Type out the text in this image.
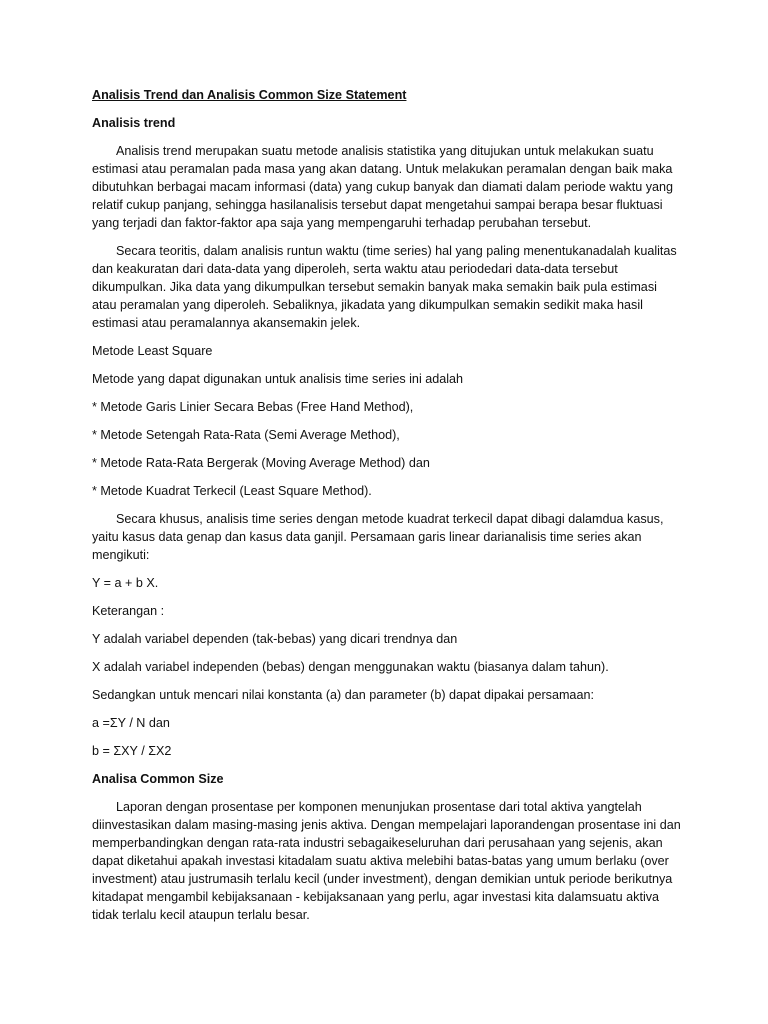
Analisis Trend dan Analisis Common Size Statement
Analisis trend

Analisis trend merupakan suatu metode analisis statistika yang ditujukan untuk melakukan suatu estimasi atau peramalan pada masa yang akan datang. Untuk melakukan peramalan dengan baik maka dibutuhkan berbagai macam informasi (data) yang cukup banyak dan diamati dalam periode waktu yang relatif cukup panjang, sehingga hasilanalisis tersebut dapat mengetahui sampai berapa besar fluktuasi yang terjadi dan faktor-faktor apa saja yang mempengaruhi terhadap perubahan tersebut.

Secara teoritis, dalam analisis runtun waktu (time series) hal yang paling menentukanadalah kualitas dan keakuratan dari data-data yang diperoleh, serta waktu atau periodedari data-data tersebut dikumpulkan. Jika data yang dikumpulkan tersebut semakin banyak maka semakin baik pula estimasi atau peramalan yang diperoleh. Sebaliknya, jikadata yang dikumpulkan semakin sedikit maka hasil estimasi atau peramalannya akansemakin jelek.

Metode Least Square

Metode yang dapat digunakan untuk analisis time series ini adalah

* Metode Garis Linier Secara Bebas (Free Hand Method),

* Metode Setengah Rata-Rata (Semi Average Method),

* Metode Rata-Rata Bergerak (Moving Average Method) dan

* Metode Kuadrat Terkecil (Least Square Method).

Secara khusus, analisis time series dengan metode kuadrat terkecil dapat dibagi dalamdua kasus, yaitu kasus data genap dan kasus data ganjil. Persamaan garis linear darianalisis time series akan mengikuti:

Y = a + b X.

Keterangan :

Y adalah variabel dependen (tak-bebas) yang dicari trendnya dan

X adalah variabel independen (bebas) dengan menggunakan waktu (biasanya dalam tahun).

Sedangkan untuk mencari nilai konstanta (a) dan parameter (b) dapat dipakai persamaan:

a =ΣY / N dan

b = ΣXY / ΣX2

Analisa Common Size

Laporan dengan prosentase per komponen menunjukan prosentase dari total aktiva yangtelah diinvestasikan dalam masing-masing jenis aktiva. Dengan mempelajari laporandengan prosentase ini dan memperbandingkan dengan rata-rata industri sebagaikeseluruhan dari perusahaan yang sejenis, akan dapat diketahui apakah investasi kitadalam suatu aktiva melebihi batas-batas yang umum berlaku (over investment) atau justrumasih terlalu kecil (under investment), dengan demikian untuk periode berikutnya kitadapat mengambil kebijaksanaan - kebijaksanaan yang perlu, agar investasi kita dalamsuatu aktiva tidak terlalu kecil ataupun terlalu besar.
